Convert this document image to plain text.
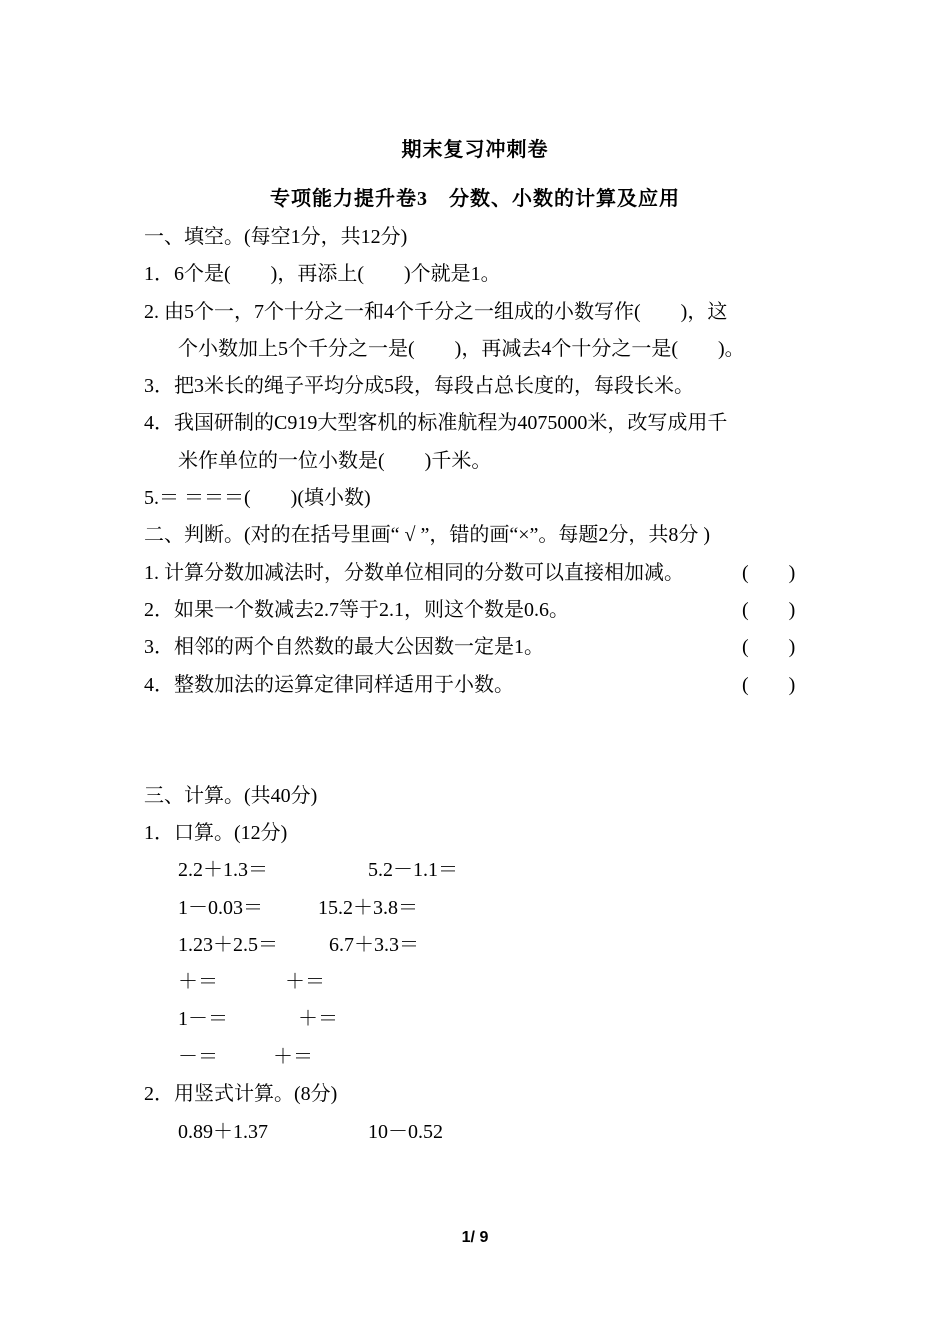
期末复习冲刺卷
专项能力提升卷3　分数、小数的计算及应用
一、填空。(每空1分，共12分)
1．6个是(　　)，再添上(　　)个就是1。
2. 由5个一，7个十分之一和4个千分之一组成的小数写作(　　)，这
个小数加上5个千分之一是(　　)，再减去4个十分之一是(　　)。
3．把3米长的绳子平均分成5段，每段占总长度的，每段长米。
4．我国研制的C919大型客机的标准航程为4075000米，改写成用千
米作单位的一位小数是(　　)千米。
5.＝ ＝＝＝(　　)(填小数)
二、判断。(对的在括号里画“ √ ”，错的画“×”。每题2分，共8分 )
1. 计算分数加减法时，分数单位相同的分数可以直接相加减。	(　　)
2．如果一个数减去2.7等于2.1，则这个数是0.6。	(　　)
3．相邻的两个自然数的最大公因数一定是1。	(　　)
4．整数加法的运算定律同样适用于小数。	(　　)
三、计算。(共40分)
1．口算。(12分)
2.2＋1.3＝	5.2－1.1＝
1－0.03＝	15.2＋3.8＝
1.23＋2.5＝	6.7＋3.3＝
＋＝	＋＝
1－＝	＋＝
－＝	＋＝
2．用竖式计算。(8分)
0.89＋1.37	10－0.52
1/ 9
